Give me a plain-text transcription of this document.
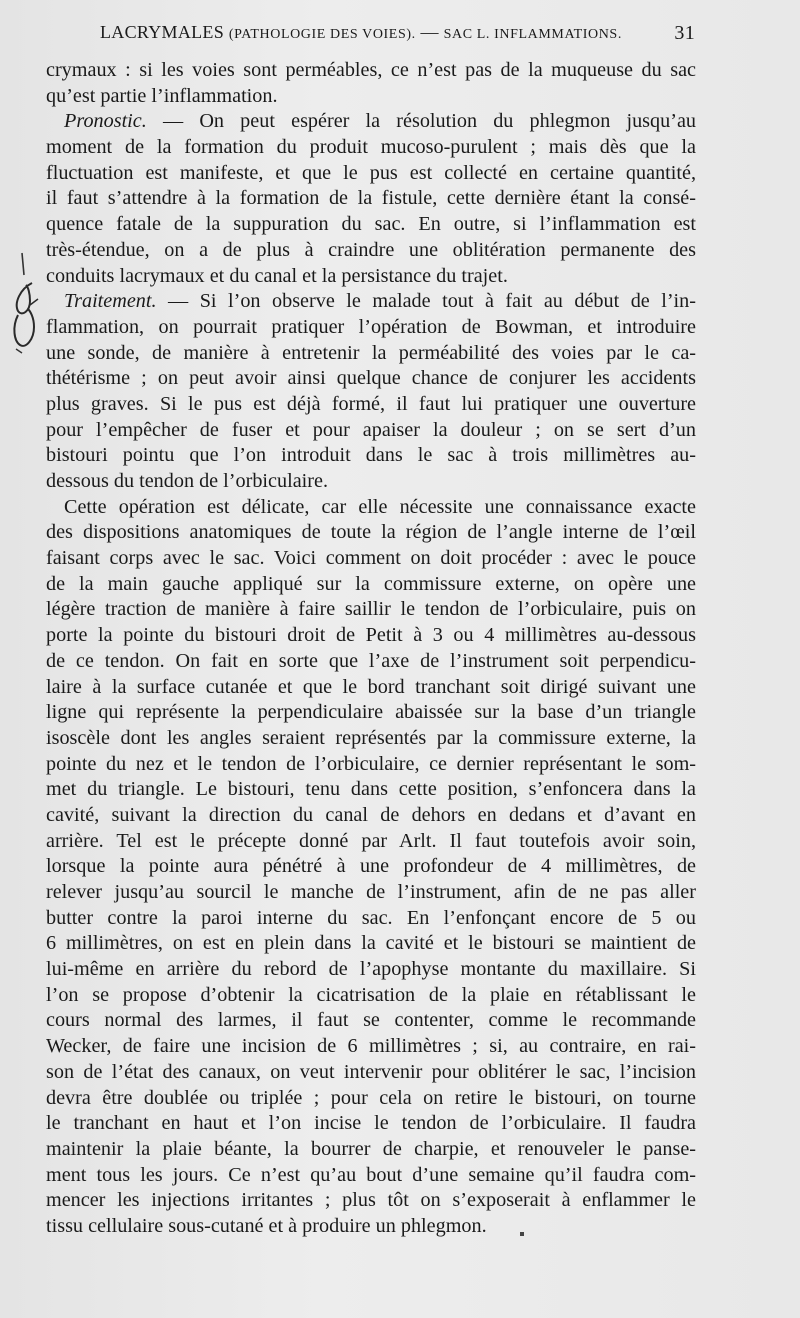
LACRYMALES (PATHOLOGIE DES VOIES). — SAC L. INFLAMMATIONS.	31
crymaux : si les voies sont perméables, ce n’est pas de la muqueuse du sac
qu’est partie l’inflammation.
Pronostic. — On peut espérer la résolution du phlegmon jusqu’au
moment de la formation du produit mucoso-purulent ; mais dès que la
fluctuation est manifeste, et que le pus est collecté en certaine quantité,
il faut s’attendre à la formation de la fistule, cette dernière étant la consé-
quence fatale de la suppuration du sac. En outre, si l’inflammation est
très-étendue, on a de plus à craindre une oblitération permanente des
conduits lacrymaux et du canal et la persistance du trajet.
Traitement. — Si l’on observe le malade tout à fait au début de l’in-
flammation, on pourrait pratiquer l’opération de Bowman, et introduire
une sonde, de manière à entretenir la perméabilité des voies par le ca-
thétérisme ; on peut avoir ainsi quelque chance de conjurer les accidents
plus graves. Si le pus est déjà formé, il faut lui pratiquer une ouverture
pour l’empêcher de fuser et pour apaiser la douleur ; on se sert d’un
bistouri pointu que l’on introduit dans le sac à trois millimètres au-
dessous du tendon de l’orbiculaire.
Cette opération est délicate, car elle nécessite une connaissance exacte
des dispositions anatomiques de toute la région de l’angle interne de l’œil
faisant corps avec le sac. Voici comment on doit procéder : avec le pouce
de la main gauche appliqué sur la commissure externe, on opère une
légère traction de manière à faire saillir le tendon de l’orbiculaire, puis on
porte la pointe du bistouri droit de Petit à 3 ou 4 millimètres au-dessous
de ce tendon. On fait en sorte que l’axe de l’instrument soit perpendicu-
laire à la surface cutanée et que le bord tranchant soit dirigé suivant une
ligne qui représente la perpendiculaire abaissée sur la base d’un triangle
isoscèle dont les angles seraient représentés par la commissure externe, la
pointe du nez et le tendon de l’orbiculaire, ce dernier représentant le som-
met du triangle. Le bistouri, tenu dans cette position, s’enfoncera dans la
cavité, suivant la direction du canal de dehors en dedans et d’avant en
arrière. Tel est le précepte donné par Arlt. Il faut toutefois avoir soin,
lorsque la pointe aura pénétré à une profondeur de 4 millimètres, de
relever jusqu’au sourcil le manche de l’instrument, afin de ne pas aller
butter contre la paroi interne du sac. En l’enfonçant encore de 5 ou
6 millimètres, on est en plein dans la cavité et le bistouri se maintient de
lui-même en arrière du rebord de l’apophyse montante du maxillaire. Si
l’on se propose d’obtenir la cicatrisation de la plaie en rétablissant le
cours normal des larmes, il faut se contenter, comme le recommande
Wecker, de faire une incision de 6 millimètres ; si, au contraire, en rai-
son de l’état des canaux, on veut intervenir pour oblitérer le sac, l’incision
devra être doublée ou triplée ; pour cela on retire le bistouri, on tourne
le tranchant en haut et l’on incise le tendon de l’orbiculaire. Il faudra
maintenir la plaie béante, la bourrer de charpie, et renouveler le panse-
ment tous les jours. Ce n’est qu’au bout d’une semaine qu’il faudra com-
mencer les injections irritantes ; plus tôt on s’exposerait à enflammer le
tissu cellulaire sous-cutané et à produire un phlegmon.
